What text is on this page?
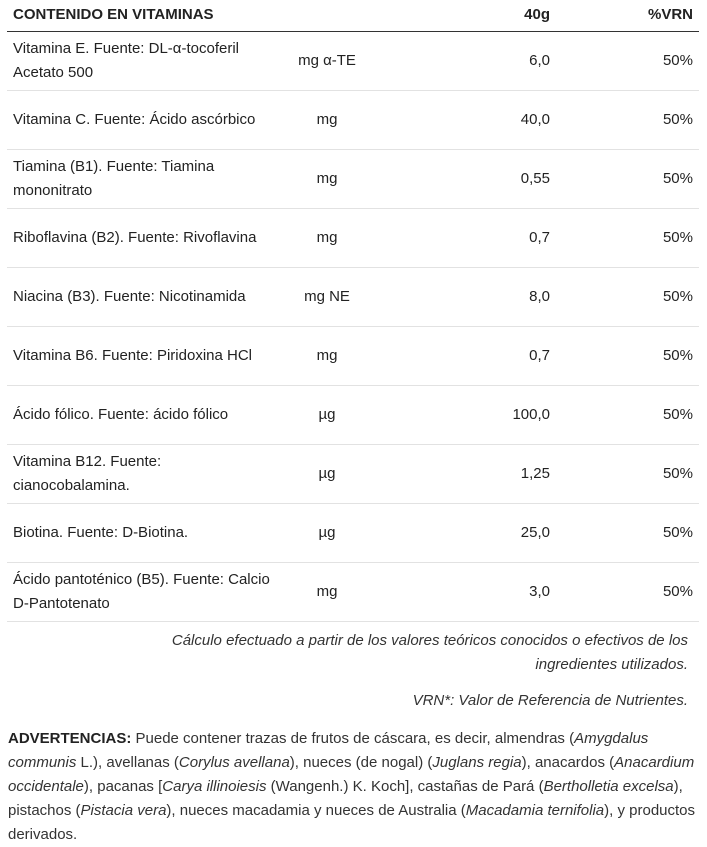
CONTENIDO EN VITAMINAS		40g	%VRN
Vitamina E. Fuente: DL-α-tocoferil Acetato 500	mg α-TE	6,0	50%
Vitamina C. Fuente: Ácido ascórbico	mg	40,0	50%
Tiamina (B1). Fuente: Tiamina mononitrato	mg	0,55	50%
Riboflavina (B2). Fuente: Rivoflavina	mg	0,7	50%
Niacina (B3). Fuente: Nicotinamida	mg NE	8,0	50%
Vitamina B6. Fuente: Piridoxina HCl	mg	0,7	50%
Ácido fólico. Fuente: ácido fólico	µg	100,0	50%
Vitamina B12. Fuente: cianocobalamina.	µg	1,25	50%
Biotina. Fuente: D-Biotina.	µg	25,0	50%
Ácido pantoténico (B5). Fuente: Calcio D-Pantotenato	mg	3,0	50%
Cálculo efectuado a partir de los valores teóricos conocidos o efectivos de los ingredientes utilizados.
VRN*: Valor de Referencia de Nutrientes.
ADVERTENCIAS: Puede contener trazas de frutos de cáscara, es decir, almendras (Amygdalus communis L.), avellanas (Corylus avellana), nueces (de nogal) (Juglans regia), anacardos (Anacardium occidentale), pacanas [Carya illinoiesis (Wangenh.) K. Koch], castañas de Pará (Bertholletia excelsa), pistachos (Pistacia vera), nueces macadamia y nueces de Australia (Macadamia ternifolia), y productos derivados.
